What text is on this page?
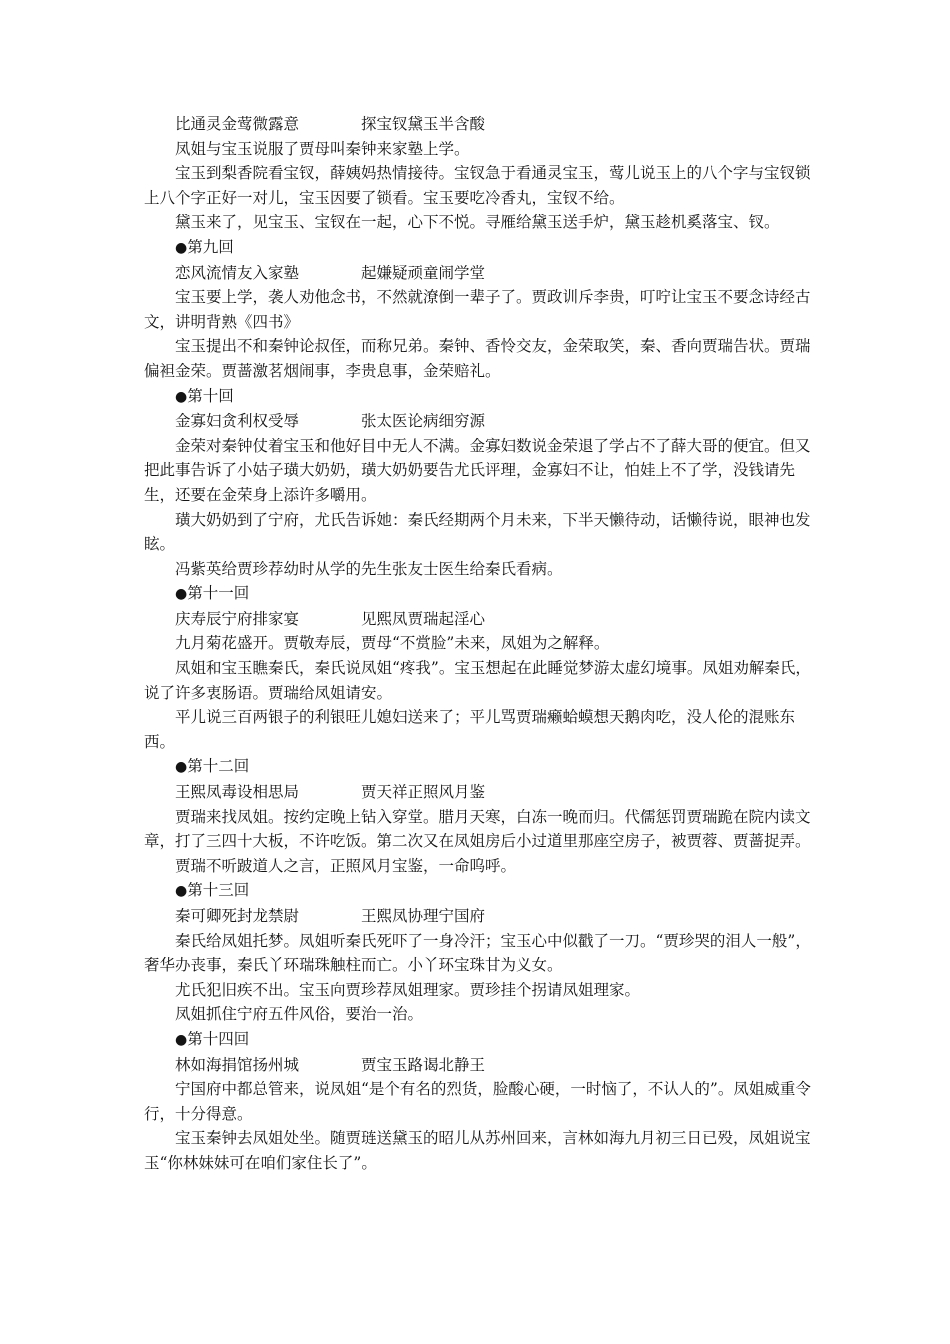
比通灵金莺微露意	探宝钗黛玉半含酸

凤姐与宝玉说服了贾母叫秦钟来家塾上学。

宝玉到梨香院看宝钗，薛姨妈热情接待。宝钗急于看通灵宝玉，莺儿说玉上的八个字与宝钗锁上八个字正好一对儿，宝玉因要了锁看。宝玉要吃冷香丸，宝钗不给。

黛玉来了，见宝玉、宝钗在一起，心下不悦。寻雁给黛玉送手炉，黛玉趁机奚落宝、钗。

●第九回

恋风流情友入家塾	起嫌疑顽童闹学堂

宝玉要上学，袭人劝他念书，不然就潦倒一辈子了。贾政训斥李贵，叮咛让宝玉不要念诗经古文，讲明背熟《四书》

宝玉提出不和秦钟论叔侄，而称兄弟。秦钟、香怜交友，金荣取笑，秦、香向贾瑞告状。贾瑞偏袒金荣。贾蔷激茗烟闹事，李贵息事，金荣赔礼。

●第十回

金寡妇贪利权受辱	张太医论病细穷源

金荣对秦钟仗着宝玉和他好目中无人不满。金寡妇数说金荣退了学占不了薛大哥的便宜。但又把此事告诉了小姑子璜大奶奶，璜大奶奶要告尤氏评理，金寡妇不让，怕娃上不了学，没钱请先生，还要在金荣身上添许多嚼用。

璜大奶奶到了宁府，尤氏告诉她：秦氏经期两个月未来，下半天懒待动，话懒待说，眼神也发眩。

冯紫英给贾珍荐幼时从学的先生张友士医生给秦氏看病。

●第十一回

庆寿辰宁府排家宴	见熙凤贾瑞起淫心

九月菊花盛开。贾敬寿辰，贾母“不赏脸”未来，凤姐为之解释。

凤姐和宝玉瞧秦氏，秦氏说凤姐“疼我”。宝玉想起在此睡觉梦游太虚幻境事。凤姐劝解秦氏，说了许多衷肠语。贾瑞给凤姐请安。

平儿说三百两银子的利银旺儿媳妇送来了；平儿骂贾瑞癞蛤蟆想天鹅肉吃，没人伦的混账东西。

●第十二回

王熙凤毒设相思局	贾天祥正照风月鉴

贾瑞来找凤姐。按约定晚上钻入穿堂。腊月天寒，白冻一晚而归。代儒惩罚贾瑞跪在院内读文章，打了三四十大板，不许吃饭。第二次又在凤姐房后小过道里那座空房子，被贾蓉、贾蔷捉弄。

贾瑞不听跛道人之言，正照风月宝鉴，一命呜呼。

●第十三回

秦可卿死封龙禁尉	王熙凤协理宁国府

秦氏给凤姐托梦。凤姐听秦氏死吓了一身冷汗；宝玉心中似戳了一刀。“贾珍哭的泪人一般”，奢华办丧事，秦氏丫环瑞珠触柱而亡。小丫环宝珠甘为义女。

尤氏犯旧疾不出。宝玉向贾珍荐凤姐理家。贾珍挂个拐请凤姐理家。

凤姐抓住宁府五件风俗，要治一治。

●第十四回

林如海捐馆扬州城	贾宝玉路谒北静王

宁国府中都总管来，说凤姐“是个有名的烈货，脸酸心硬，一时恼了，不认人的”。凤姐威重令行，十分得意。

宝玉秦钟去凤姐处坐。随贾琏送黛玉的昭儿从苏州回来，言林如海九月初三日已殁，凤姐说宝玉“你林妹妹可在咱们家住长了”。
